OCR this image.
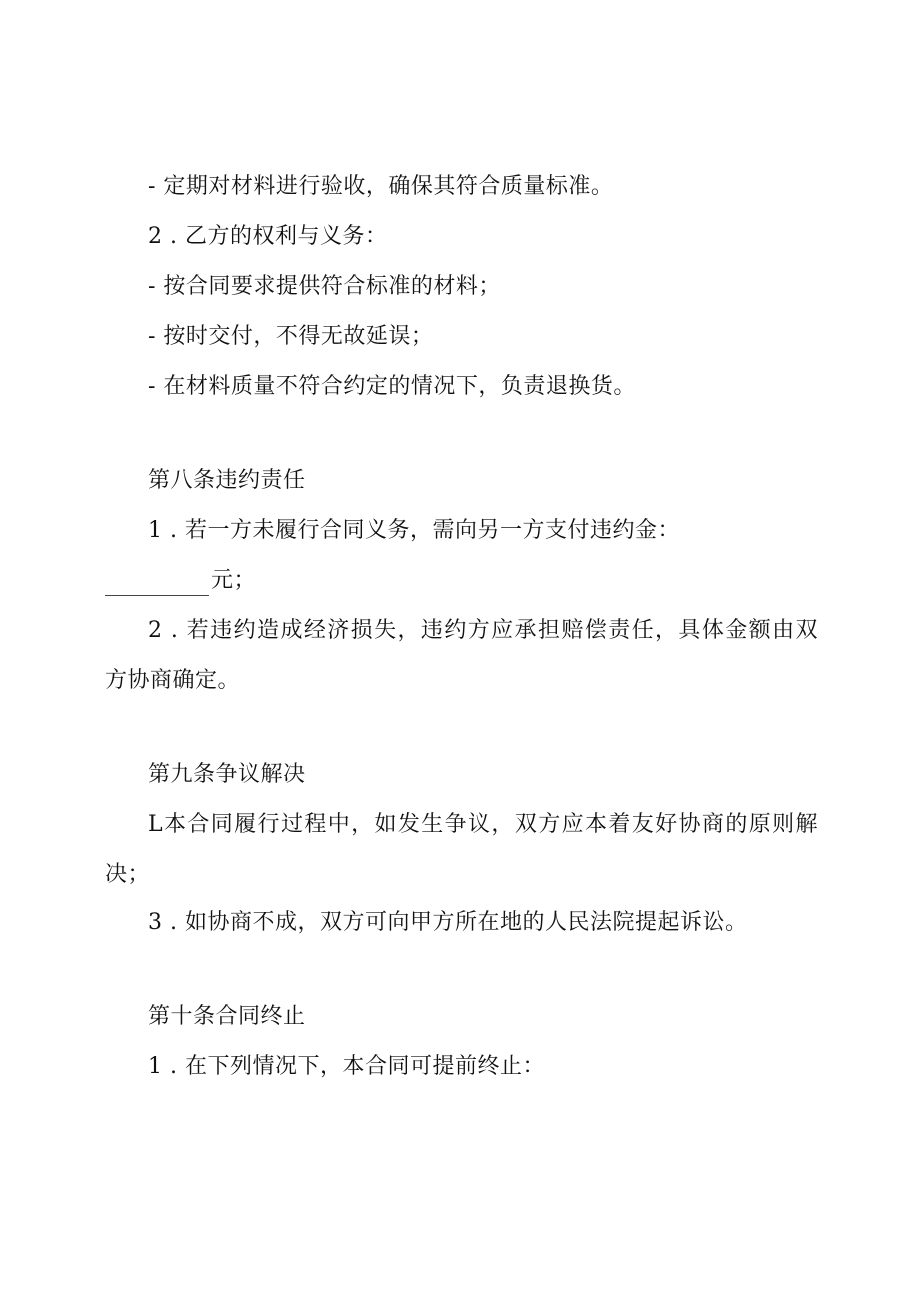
- 定期对材料进行验收，确保其符合质量标准。
2 . 乙方的权利与义务：
- 按合同要求提供符合标准的材料；
- 按时交付，不得无故延误；
- 在材料质量不符合约定的情况下，负责退换货。
第八条违约责任
1 . 若一方未履行合同义务，需向另一方支付违约金：
元；
2 . 若违约造成经济损失，违约方应承担赔偿责任，具体金额由双
方协商确定。
第九条争议解决
L本合同履行过程中，如发生争议，双方应本着友好协商的原则解
决；
3 . 如协商不成，双方可向甲方所在地的人民法院提起诉讼。
第十条合同终止
1 . 在下列情况下，本合同可提前终止：
